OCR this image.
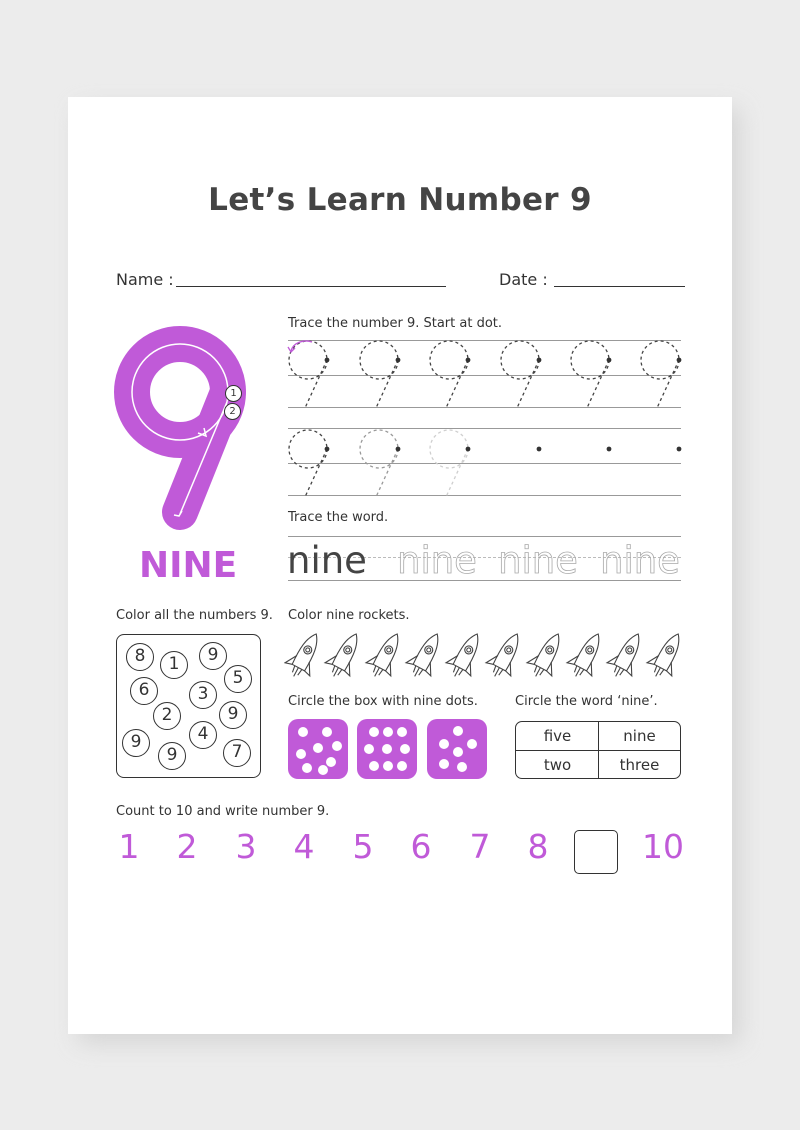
Let’s Learn Number 9
Name :	Date :
1
2
NINE
Trace the number 9. Start at dot.
Trace the word.
nine nine nine nine
Color all the numbers 9.
8	1	9
5
6	3
2	9
9
9
4
7
Color nine rockets.
Circle the box with nine dots.	Circle the word ‘nine’.
five	nine
two	three
Count to 10 and write number 9.
1	2	3	4	5	6	7	8	10
